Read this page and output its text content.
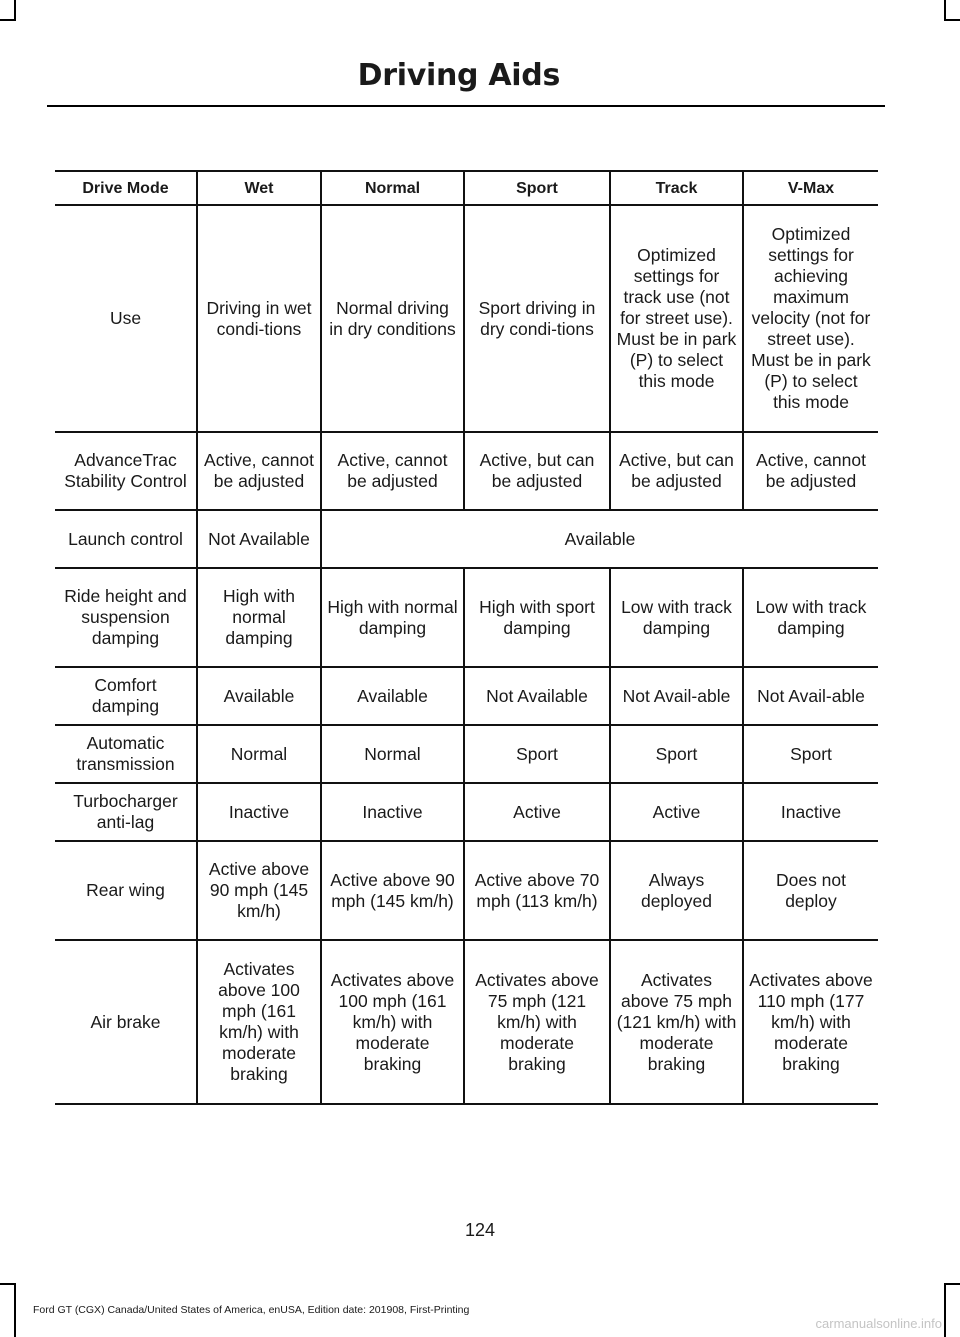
Driving Aids
Drive Mode	Wet	Normal	Sport	Track	V-Max
Use	Driving in wet condi-tions	Normal driving in dry conditions	Sport driving in dry condi-tions	Optimized settings for track use (not for street use). Must be in park (P) to select this mode	Optimized settings for achieving maximum velocity (not for street use). Must be in park (P) to select this mode
AdvanceTrac Stability Control	Active, cannot be adjusted	Active, cannot be adjusted	Active, but can be adjusted	Active, but can be adjusted	Active, cannot be adjusted
Launch control	Not Available	Available			
Ride height and suspension damping	High with normal damping	High with normal damping	High with sport damping	Low with track damping	Low with track damping
Comfort damping	Available	Available	Not Available	Not Avail-able	Not Avail-able
Automatic transmission	Normal	Normal	Sport	Sport	Sport
Turbocharger anti-lag	Inactive	Inactive	Active	Active	Inactive
Rear wing	Active above 90 mph (145 km/h)	Active above 90 mph (145 km/h)	Active above 70 mph (113 km/h)	Always deployed	Does not deploy
Air brake	Activates above 100 mph (161 km/h) with moderate braking	Activates above 100 mph (161 km/h) with moderate braking	Activates above 75 mph (121 km/h) with moderate braking	Activates above 75 mph (121 km/h) with moderate braking	Activates above 110 mph (177 km/h) with moderate braking
124
Ford GT (CGX) Canada/United States of America, enUSA, Edition date: 201908, First-Printing
carmanualsonline.info
